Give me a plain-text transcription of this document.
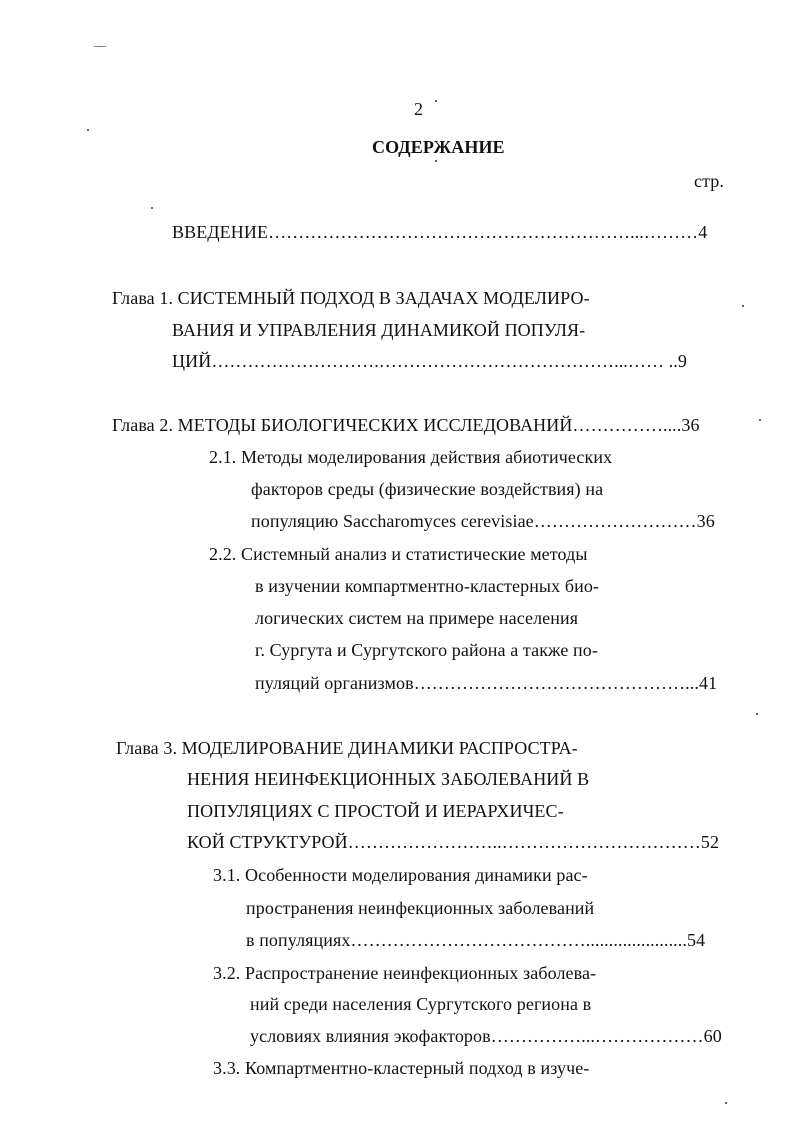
2
СОДЕРЖАНИЕ
стр.
ВВЕДЕНИЕ……………………………………………………...………4
Глава 1. СИСТЕМНЫЙ ПОДХОД В ЗАДАЧАХ МОДЕЛИРО-
ВАНИЯ И УПРАВЛЕНИЯ ДИНАМИКОЙ ПОПУЛЯ-
ЦИЙ……………………….…………………………………...…… ..9
Глава 2. МЕТОДЫ БИОЛОГИЧЕСКИХ ИССЛЕДОВАНИЙ……………....36
2.1. Методы моделирования действия абиотических
факторов среды (физические воздействия) на
популяцию Saccharomyces cerevisiae………………………36
2.2. Системный анализ и статистические методы
в изучении компартментно-кластерных био-
логических систем на примере населения
г. Сургута и Сургутского района а также по-
пуляций организмов………………………………………...41
Глава 3. МОДЕЛИРОВАНИЕ ДИНАМИКИ РАСПРОСТРА-
НЕНИЯ НЕИНФЕКЦИОННЫХ ЗАБОЛЕВАНИЙ В
ПОПУЛЯЦИЯХ С ПРОСТОЙ И ИЕРАРХИЧЕС-
КОЙ СТРУКТУРОЙ……………………..……………………………52
3.1. Особенности моделирования динамики рас-
пространения неинфекционных заболеваний
в популяциях…………………………………......................54
3.2. Распространение неинфекционных заболева-
ний среди населения Сургутского региона в
условиях влияния экофакторов……………...………………60
3.3. Компартментно-кластерный подход в изуче-
